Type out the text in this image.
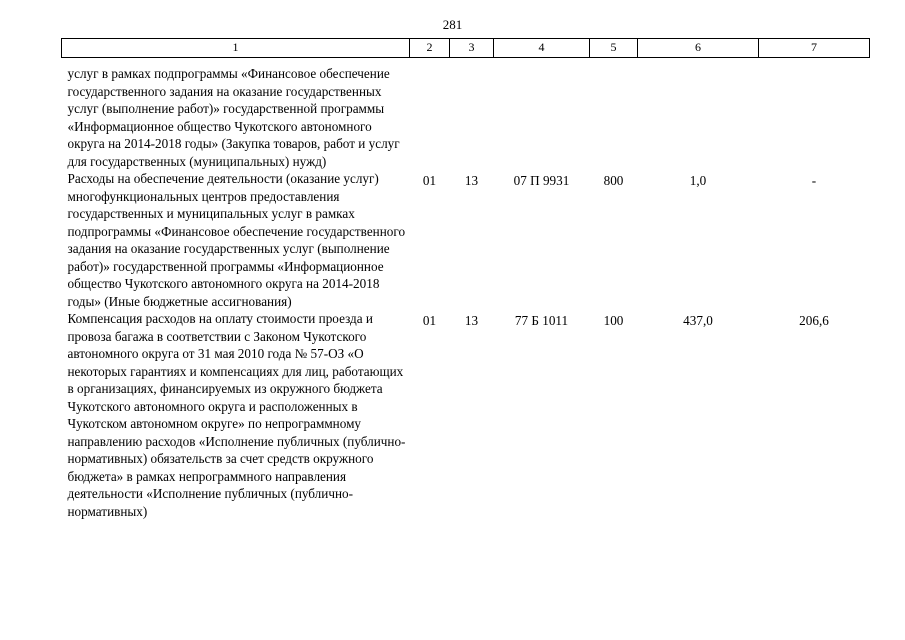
281
1	2	3	4	5	6	7
услуг в рамках подпрограммы «Финансовое обеспечение государственного задания на оказание государственных услуг (выполнение работ)» государственной программы «Информационное общество Чукотского автономного округа на 2014-2018 годы» (Закупка товаров, работ и услуг для государственных (муниципальных) нужд)						
Расходы на обеспечение деятельности (оказание услуг) многофункциональных центров предоставления государственных и муниципальных услуг в рамках подпрограммы «Финансовое обеспечение государственного задания на оказание государственных услуг (выполнение работ)» государственной программы «Информационное общество Чукотского автономного округа на 2014-2018 годы» (Иные бюджетные ассигнования)	01	13	07 П 9931	800	1,0	-
Компенсация расходов на оплату стоимости проезда и провоза багажа в соответствии с Законом Чукотского автономного округа от 31 мая 2010 года № 57-ОЗ «О некоторых гарантиях и компенсациях для лиц, работающих в организациях, финансируемых из окружного бюджета Чукотского автономного округа и расположенных в Чукотском автономном округе» по непрограммному направлению расходов «Исполнение публичных (публично-нормативных) обязательств за счет средств окружного бюджета» в рамках непрограммного направления деятельности «Исполнение публичных (публично-нормативных)	01	13	77 Б 1011	100	437,0	206,6
